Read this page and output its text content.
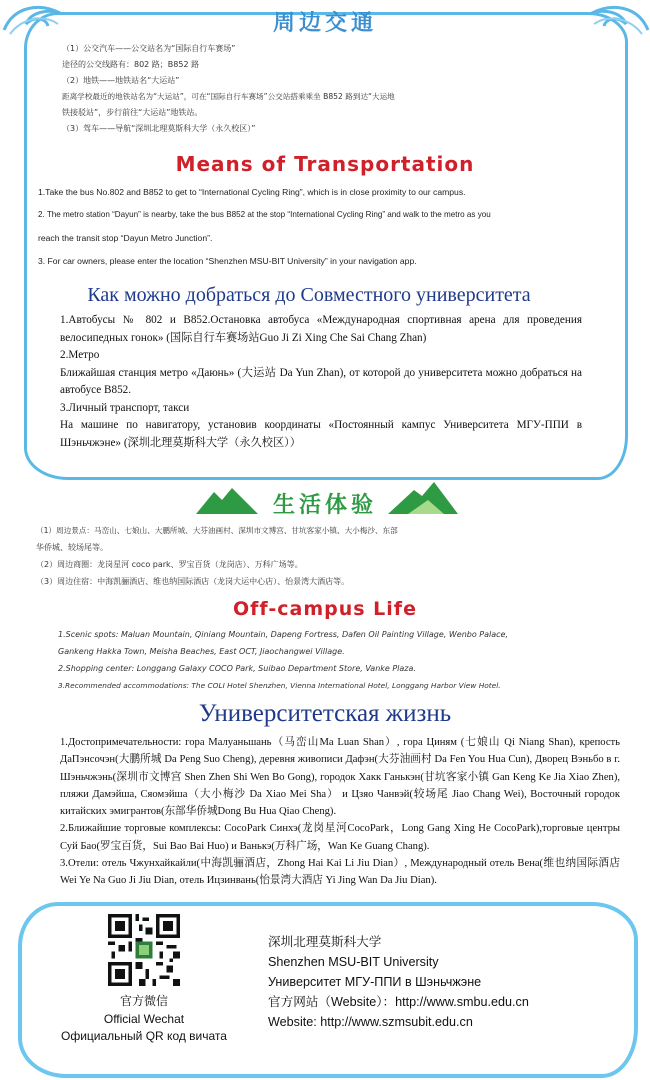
周边交通
（1）公交汽车——公交站名为“国际自行车赛场”
途径的公交线路有：802 路；B852 路
（2）地铁——地铁站名“大运站”
距离学校最近的地铁站名为“大运站”，可在“国际自行车赛场”公交站搭乘乘坐 B852 路到达“大运地
铁接驳站”，步行前往“大运站”地铁站。
（3）驾车——导航“深圳北理莫斯科大学（永久校区）”
Means of Transportation
1.Take the bus No.802 and B852 to get to “International Cycling Ring”, which is in close proximity to our campus.
2. The metro station “Dayun” is nearby, take the bus B852 at the stop “International Cycling Ring” and walk to the metro as you
reach the transit stop “Dayun Metro Junction”.
3. For car owners, please enter the location “Shenzhen MSU-BIT University” in your navigation app.
Как можно добраться до Совместного университета

1.Автобусы № 802 и B852.Остановка автобуса «Международная спортивная арена для проведения велосипедных гонок» (国际自行车赛场站Guo Ji Zi Xing Che Sai Chang Zhan)

2.Метро

Ближайшая станция метро «Даюнь» (大运站 Da Yun Zhan), от которой до университета можно добраться на автобусе B852.

3.Личный транспорт, такси

На машине по навигатору, установив координаты «Постоянный кампус Университета МГУ-ППИ в Шэньчжэне» (深圳北理莫斯科大学（永久校区））

生活体验
（1）周边景点：马峦山、七娘山、大鹏所城、大芬油画村、深圳市文博宫、甘坑客家小镇、大小梅沙、东部
华侨城、较场尾等。
（2）周边商圈：龙岗星河 coco park、罗宝百货（龙岗店）、万科广场等。
（3）周边住宿：中海凯骊酒店、维也纳国际酒店（龙岗大运中心店）、怡景湾大酒店等。
Off-campus Life
1.Scenic spots: Maluan Mountain, Qiniang Mountain, Dapeng Fortress, Dafen Oil Painting Village, Wenbo Palace,
Gankeng Hakka Town, Meisha Beaches, East OCT, Jiaochangwei Village.
2.Shopping center: Longgang Galaxy COCO Park, Suibao Department Store, Vanke Plaza.
3.Recommended accommodations: The COLI Hotel Shenzhen, Vienna International Hotel, Longgang Harbor View Hotel.
Университетская жизнь

1.Достопримечательности: гора Малуаньшань（马峦山Ma Luan Shan）, гора Циням (七娘山 Qi Niang Shan), крепость ДаПэнсочэн(大鹏所城 Da Peng Suo Cheng), деревня живописи Дафэн(大芬油画村 Da Fen You Hua Cun), Дворец Вэньбо в г. Шэньчжэнь(深圳市文博宫 Shen Zhen Shi Wen Bo Gong), городок Хакк Ганькэн(甘坑客家小镇 Gan Keng Ke Jia Xiao Zhen), пляжи Дамэйша, Сяомэйша（大小梅沙 Da Xiao Mei Sha） и Цзяо Чанвэй(较场尾 Jiao Chang Wei), Восточный городок китайских эмигрантов(东部华侨城Dong Bu Hua Qiao Cheng).

2.Ближайшие торговые комплексы: CocoPark Синхэ(龙岗星河CocoPark，Long Gang Xing He CocoPark),торговые центры Суй Бао(罗宝百货，Sui Bao Bai Huo) и Ванькэ(万科广场，Wan Ke Guang Chang).

3.Отели: отель Чжунхайкайли(中海凯骊酒店，Zhong Hai Kai Li Jiu Dian）, Международный отель Вена(维也纳国际酒店 Wei Ye Na Guo Ji Jiu Dian, отель Ицзинвань(怡景湾大酒店 Yi Jing Wan Da Jiu Dian).

官方微信
Official Wechat
Официальный QR код вичата
深圳北理莫斯科大学
Shenzhen MSU-BIT University
Университет МГУ-ППИ в Шэньчжэне
官方网站（Website）：http://www.smbu.edu.cn
Website: http://www.szmsubit.edu.cn
